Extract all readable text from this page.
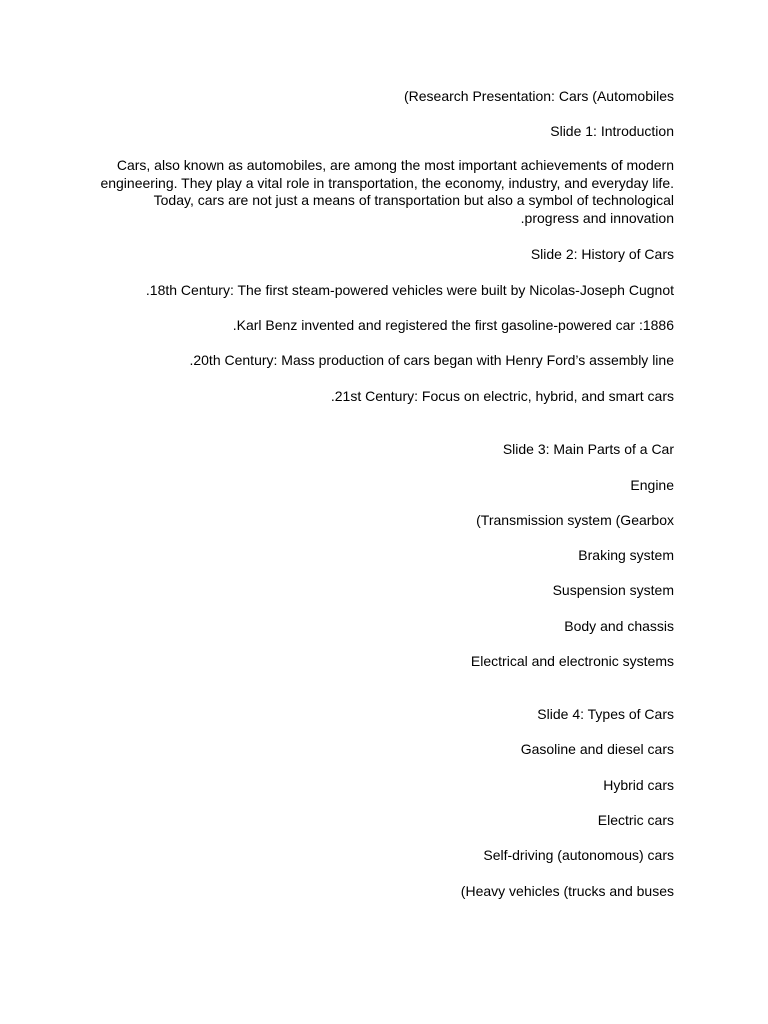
(Research Presentation: Cars (Automobiles

Slide 1: Introduction

Cars, also known as automobiles, are among the most important achievements of modern
engineering. They play a vital role in transportation, the economy, industry, and everyday life.
Today, cars are not just a means of transportation but also a symbol of technological
.progress and innovation

Slide 2: History of Cars

.18th Century: The first steam-powered vehicles were built by Nicolas-Joseph Cugnot

.Karl Benz invented and registered the first gasoline-powered car :1886

.20th Century: Mass production of cars began with Henry Ford’s assembly line

.21st Century: Focus on electric, hybrid, and smart cars

Slide 3: Main Parts of a Car

Engine

(Transmission system (Gearbox

Braking system

Suspension system

Body and chassis

Electrical and electronic systems

Slide 4: Types of Cars

Gasoline and diesel cars

Hybrid cars

Electric cars

Self-driving (autonomous) cars

(Heavy vehicles (trucks and buses
